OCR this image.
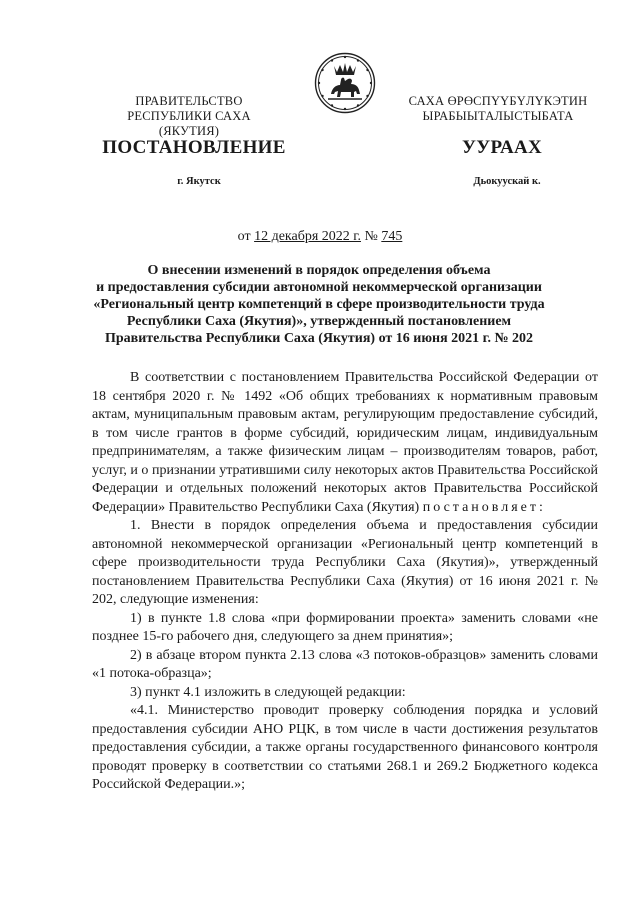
ПРАВИТЕЛЬСТВО
РЕСПУБЛИКИ САХА (ЯКУТИЯ)
САХА ӨРӨСПҮҮБҮЛҮКЭТИН
ЫРАБЫЫТАЛЫСТЫБАТА
ПОСТАНОВЛЕНИЕ	УУРААХ
г. Якутск	Дьокуускай к.
от 12 декабря 2022 г. № 745
О внесении изменений в порядок определения объема
и предоставления субсидии автономной некоммерческой организации
«Региональный центр компетенций в сфере производительности труда
Республики Саха (Якутия)», утвержденный постановлением
Правительства Республики Саха (Якутия) от 16 июня 2021 г. № 202

В соответствии с постановлением Правительства Российской Федерации от 18 сентября 2020 г. № 1492 «Об общих требованиях к нормативным правовым актам, муниципальным правовым актам, регулирующим предоставление субсидий, в том числе грантов в форме субсидий, юридическим лицам, индивидуальным предпринимателям, а также физическим лицам – производителям товаров, работ, услуг, и о признании утратившими силу некоторых актов Правительства Российской Федерации и отдельных положений некоторых актов Правительства Российской Федерации» Правительство Республики Саха (Якутия) постановляет:

1. Внести в порядок определения объема и предоставления субсидии автономной некоммерческой организации «Региональный центр компетенций в сфере производительности труда Республики Саха (Якутия)», утвержденный постановлением Правительства Республики Саха (Якутия) от 16 июня 2021 г. № 202, следующие изменения:

1) в пункте 1.8 слова «при формировании проекта» заменить словами «не позднее 15-го рабочего дня, следующего за днем принятия»;

2) в абзаце втором пункта 2.13 слова «3 потоков-образцов» заменить словами «1 потока-образца»;

3) пункт 4.1 изложить в следующей редакции:

«4.1. Министерство проводит проверку соблюдения порядка и условий предоставления субсидии АНО РЦК, в том числе в части достижения результатов предоставления субсидии, а также органы государственного финансового контроля проводят проверку в соответствии со статьями 268.1 и 269.2 Бюджетного кодекса Российской Федерации.»;
